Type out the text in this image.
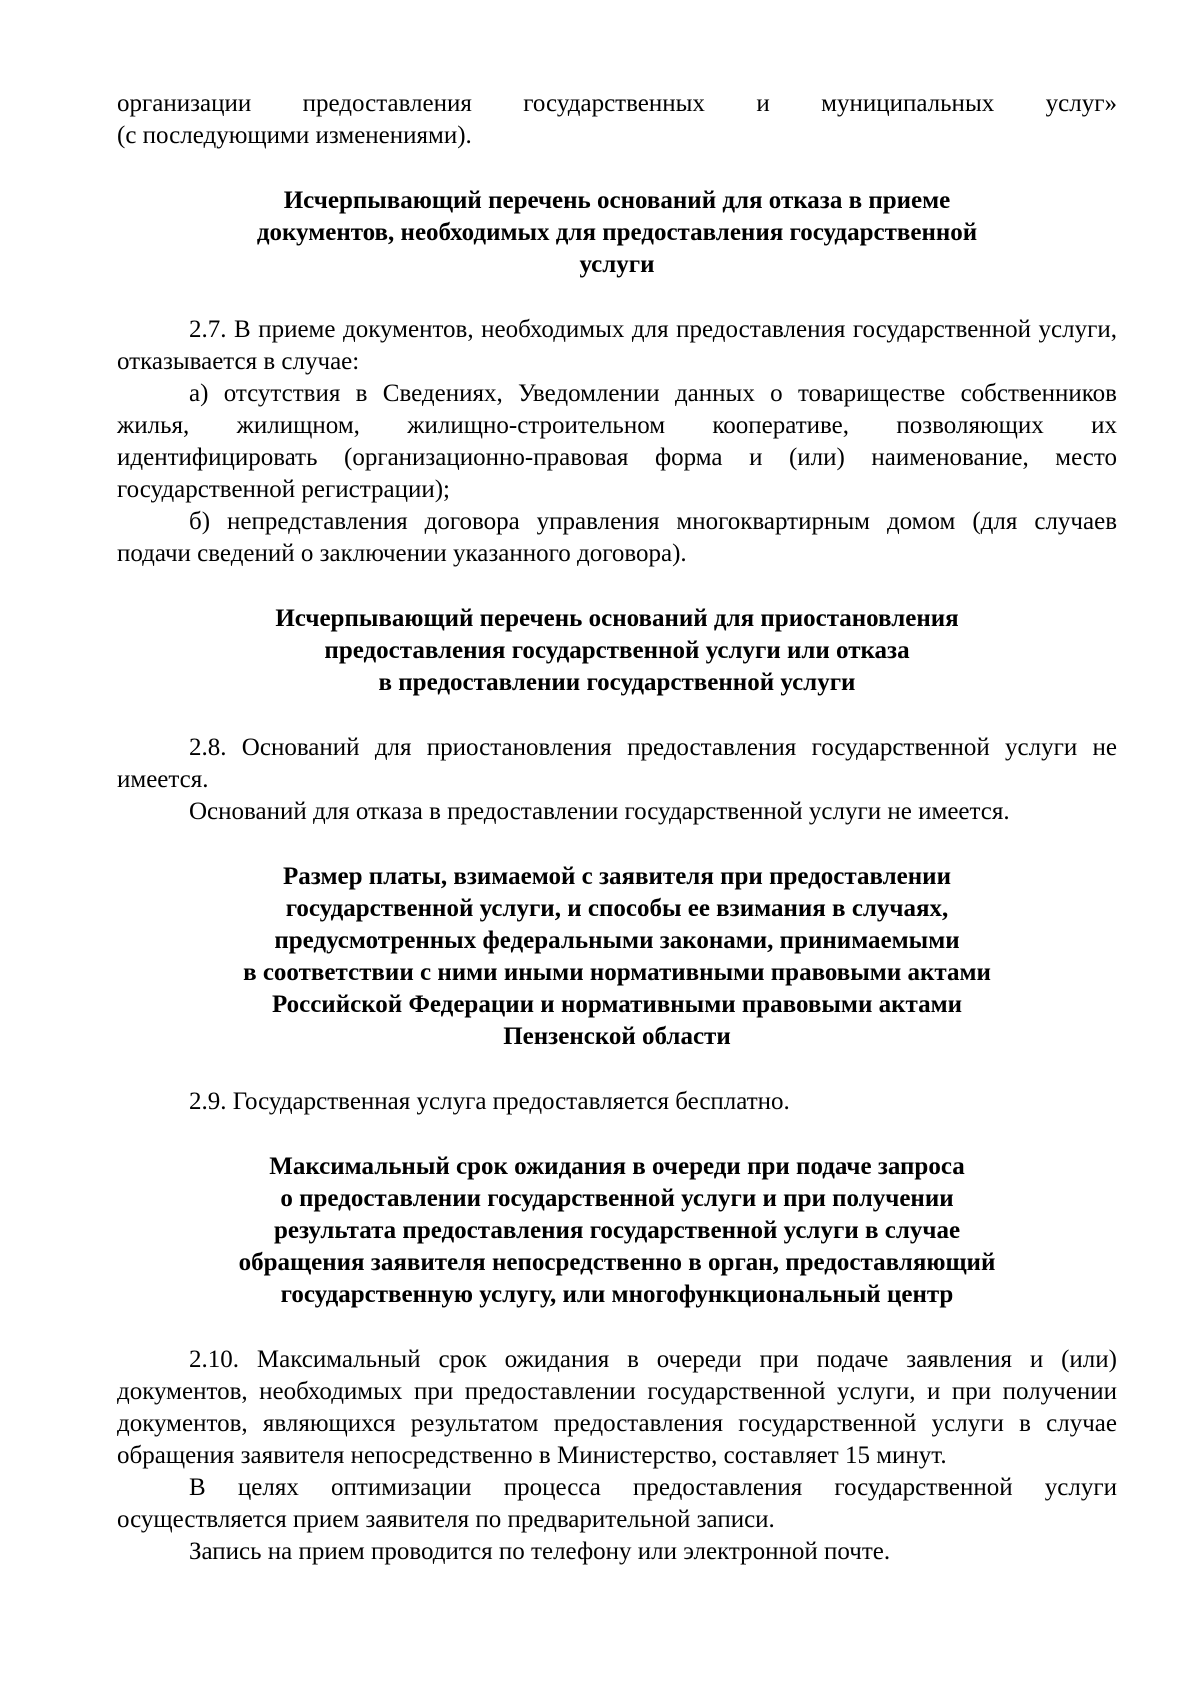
организации предоставления государственных и муниципальных услуг»

(с последующими изменениями).

Исчерпывающий перечень оснований для отказа в приеме
документов, необходимых для предоставления государственной
услуги

2.7. В приеме документов, необходимых для предоставления государственной услуги, отказывается в случае:

а) отсутствия в Сведениях, Уведомлении данных о товариществе собственников жилья, жилищном, жилищно-строительном кооперативе, позволяющих их идентифицировать (организационно-правовая форма и (или) наименование, место государственной регистрации);

б) непредставления договора управления многоквартирным домом (для случаев подачи сведений о заключении указанного договора).

Исчерпывающий перечень оснований для приостановления
предоставления государственной услуги или отказа
в предоставлении государственной услуги

2.8. Оснований для приостановления предоставления государственной услуги не имеется.

Оснований для отказа в предоставлении государственной услуги не имеется.

Размер платы, взимаемой с заявителя при предоставлении
государственной услуги, и способы ее взимания в случаях,
предусмотренных федеральными законами, принимаемыми
в соответствии с ними иными нормативными правовыми актами
Российской Федерации и нормативными правовыми актами
Пензенской области

2.9. Государственная услуга предоставляется бесплатно.

Максимальный срок ожидания в очереди при подаче запроса
о предоставлении государственной услуги и при получении
результата предоставления государственной услуги в случае
обращения заявителя непосредственно в орган, предоставляющий
государственную услугу, или многофункциональный центр

2.10. Максимальный срок ожидания в очереди при подаче заявления и (или) документов, необходимых при предоставлении государственной услуги, и при получении документов, являющихся результатом предоставления государственной услуги в случае обращения заявителя непосредственно в Министерство, составляет 15 минут.

В целях оптимизации процесса предоставления государственной услуги осуществляется прием заявителя по предварительной записи.

Запись на прием проводится по телефону или электронной почте.
